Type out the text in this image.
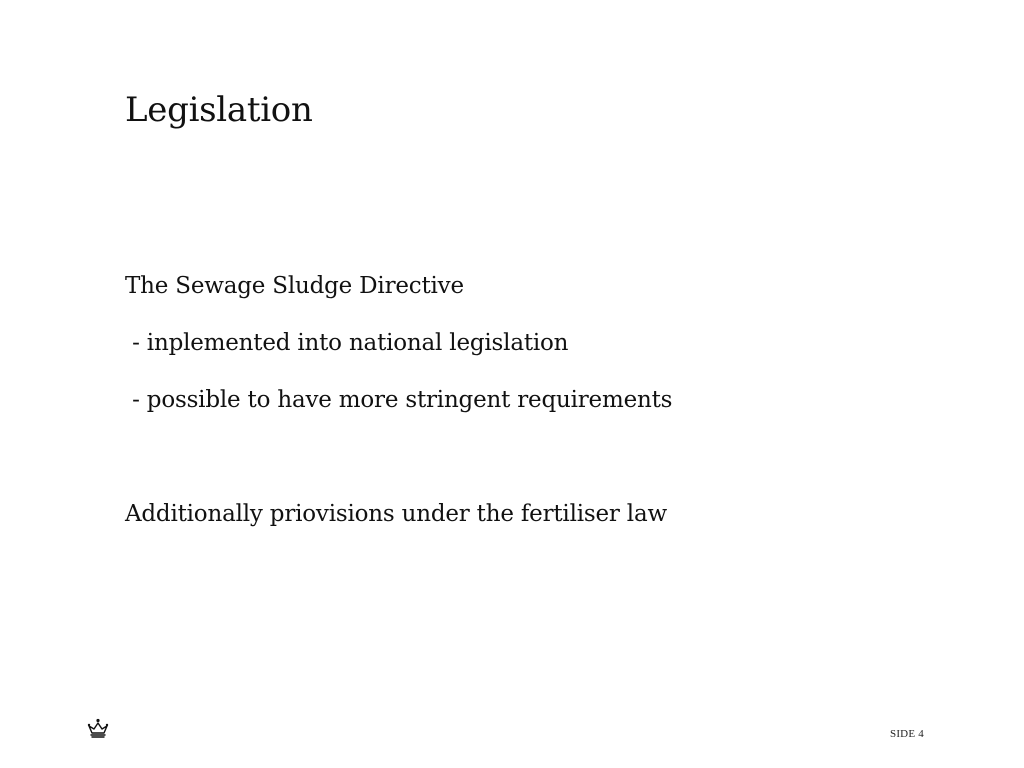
Legislation

The Sewage Sludge Directive

- inplemented into national legislation

- possible to have more stringent requirements

Additionally priovisions under the fertiliser law

SIDE 4
